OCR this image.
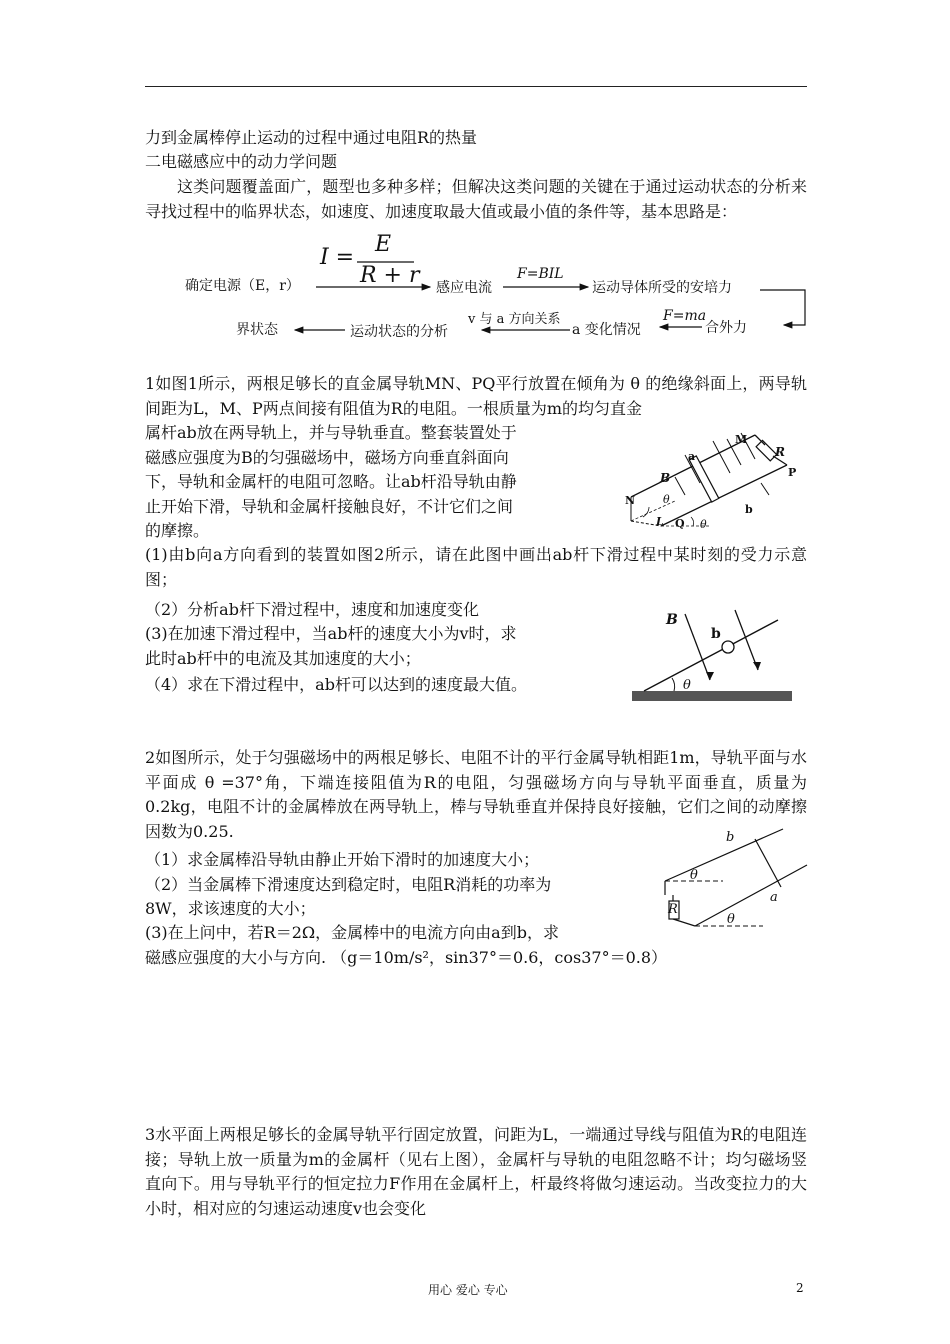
力到金属棒停止运动的过程中通过电阻R的热量
二电磁感应中的动力学问题
这类问题覆盖面广，题型也多种多样；但解决这类问题的关键在于通过运动状态的分析来寻找过程中的临界状态，如速度、加速度取最大值或最小值的条件等，基本思路是：
I =
E
R + r
确定电源（E，r）	感应电流
F=BIL
运动导体所受的安培力
F=ma
合外力
a 变化情况
v 与 a 方向关系
运动状态的分析
界状态
1如图1所示，两根足够长的直金属导轨MN、PQ平行放置在倾角为 θ 的绝缘斜面上，两导轨间距为L，M、P两点间接有阻值为R的电阻。一根质量为m的均匀直金
属杆ab放在两导轨上，并与导轨垂直。整套装置处于
磁感应强度为B的匀强磁场中，磁场方向垂直斜面向
下，导轨和金属杆的电阻可忽略。让ab杆沿导轨由静
止开始下滑，导轨和金属杆接触良好，不计它们之间
的摩擦。
(1)由b向a方向看到的装置如图2所示，请在此图中画出ab杆下滑过程中某时刻的受力示意图；
（2）分析ab杆下滑过程中，速度和加速度变化
(3)在加速下滑过程中，当ab杆的速度大小为v时，求
此时ab杆中的电流及其加速度的大小；
（4）求在下滑过程中，ab杆可以达到的速度最大值。
M
R
P
a
B
N	θ
L Q θ
b
B
b
θ
2如图所示，处于匀强磁场中的两根足够长、电阻不计的平行金属导轨相距1m，导轨平面与水平面成 θ =37°角，下端连接阻值为R的电阻，匀强磁场方向与导轨平面垂直，质量为0.2kg，电阻不计的金属棒放在两导轨上，棒与导轨垂直并保持良好接触，它们之间的动摩擦因数为0.25.
（1）求金属棒沿导轨由静止开始下滑时的加速度大小；
（2）当金属棒下滑速度达到稳定时，电阻R消耗的功率为
8W，求该速度的大小；
(3)在上问中，若R＝2Ω，金属棒中的电流方向由a到b，求
磁感应强度的大小与方向. （g＝10m/s²，sin37°＝0.6，cos37°＝0.8）
b
a
R
θ
θ
3水平面上两根足够长的金属导轨平行固定放置，问距为L，一端通过导线与阻值为R的电阻连接；导轨上放一质量为m的金属杆（见右上图），金属杆与导轨的电阻忽略不计；均匀磁场竖直向下。用与导轨平行的恒定拉力F作用在金属杆上，杆最终将做匀速运动。当改变拉力的大小时，相对应的匀速运动速度v也会变化
用心 爱心 专心	2
